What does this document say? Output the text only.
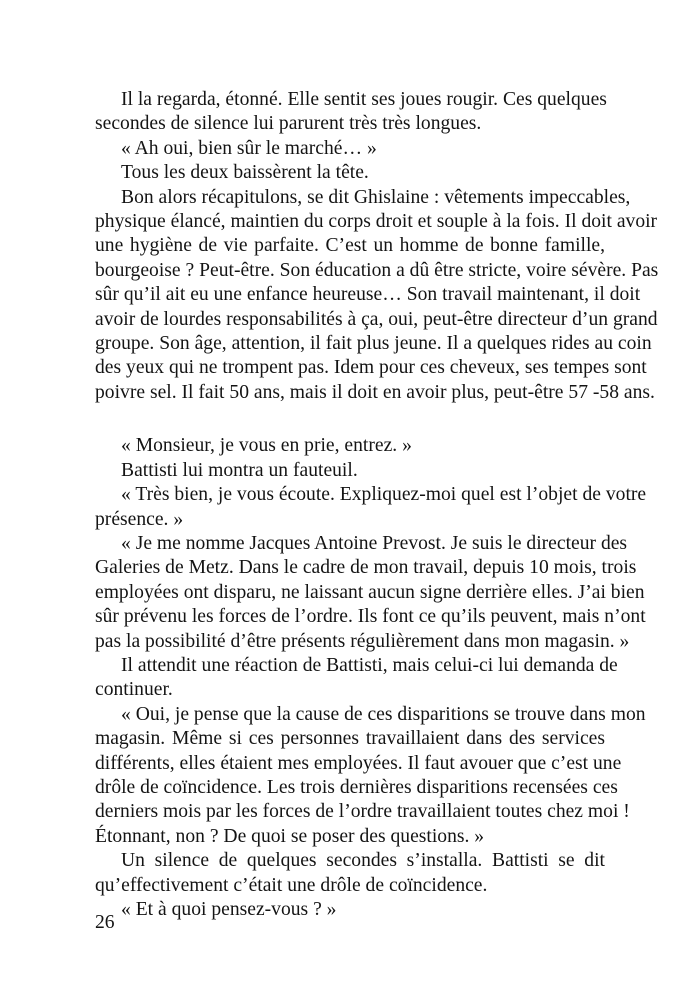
Il la regarda, étonné. Elle sentit ses joues rougir. Ces quelques
secondes de silence lui parurent très très longues.

« Ah oui, bien sûr le marché… »

Tous les deux baissèrent la tête.

Bon alors récapitulons, se dit Ghislaine : vêtements impeccables,
physique élancé, maintien du corps droit et souple à la fois. Il doit avoir
une hygiène de vie parfaite. C’est un homme de bonne famille,
bourgeoise ? Peut-être. Son éducation a dû être stricte, voire sévère. Pas
sûr qu’il ait eu une enfance heureuse… Son travail maintenant, il doit
avoir de lourdes responsabilités à ça, oui, peut-être directeur d’un grand
groupe. Son âge, attention, il fait plus jeune. Il a quelques rides au coin
des yeux qui ne trompent pas. Idem pour ces cheveux, ses tempes sont
poivre sel. Il fait 50 ans, mais il doit en avoir plus, peut-être 57 -58 ans.

« Monsieur, je vous en prie, entrez. »

Battisti lui montra un fauteuil.

« Très bien, je vous écoute. Expliquez-moi quel est l’objet de votre
présence. »

« Je me nomme Jacques Antoine Prevost. Je suis le directeur des
Galeries de Metz. Dans le cadre de mon travail, depuis 10 mois, trois
employées ont disparu, ne laissant aucun signe derrière elles. J’ai bien
sûr prévenu les forces de l’ordre. Ils font ce qu’ils peuvent, mais n’ont
pas la possibilité d’être présents régulièrement dans mon magasin. »

Il attendit une réaction de Battisti, mais celui-ci lui demanda de
continuer.

« Oui, je pense que la cause de ces disparitions se trouve dans mon
magasin. Même si ces personnes travaillaient dans des services
différents, elles étaient mes employées. Il faut avouer que c’est une
drôle de coïncidence. Les trois dernières disparitions recensées ces
derniers mois par les forces de l’ordre travaillaient toutes chez moi !
Étonnant, non ? De quoi se poser des questions. »

Un silence de quelques secondes s’installa. Battisti se dit
qu’effectivement c’était une drôle de coïncidence.

« Et à quoi pensez-vous ? »

26
